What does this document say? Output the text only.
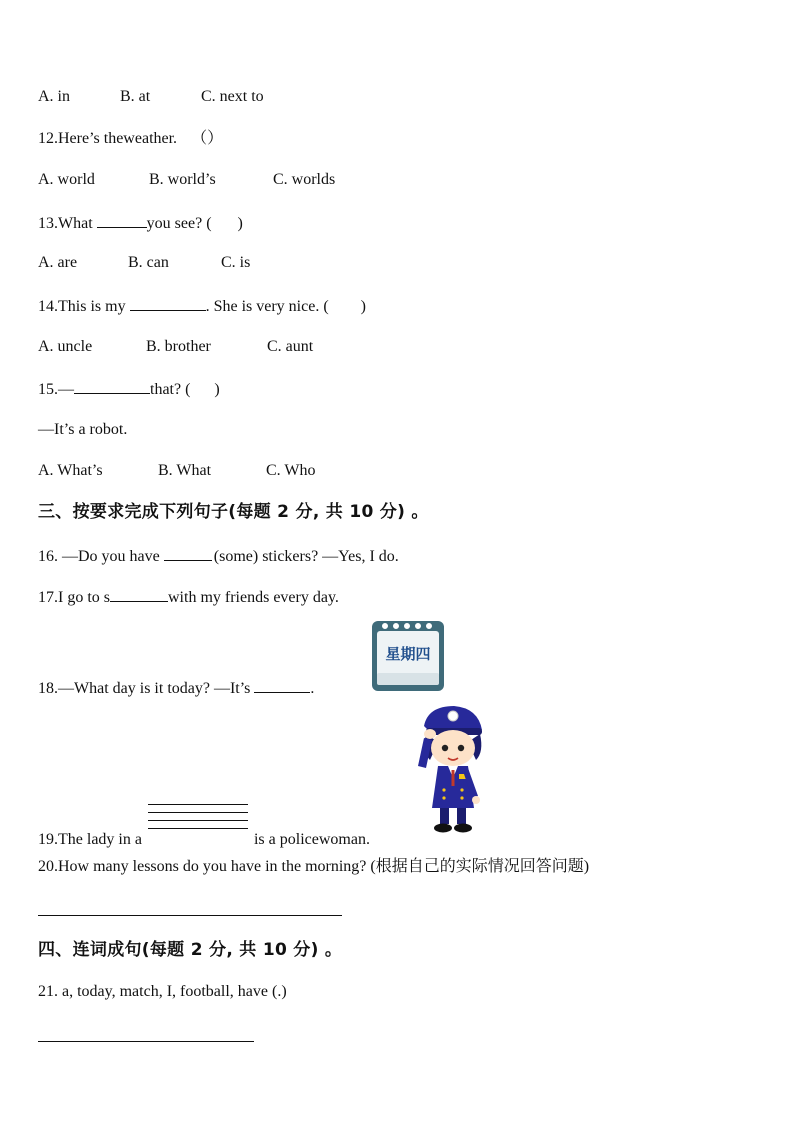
A. in	B. at	C. next to
12.Here’s theweather. （）
A. world	B. world’s	C. worlds
13.What	you see? ( )
A. are	B. can	C. is
14.This is my	. She is very nice. ( )
A. uncle	B. brother	C. aunt
15.—	that? ( )
—It’s a robot.
A. What’s	B. What	C. Who
三、按要求完成下列句子(每题 2 分, 共 10 分) 。
16. —Do you have	(some) stickers? —Yes, I do.
17.I go to s	with my friends every day.
星期四
18.—What day is it today? —It’s	.
19.The lady in a	is a policewoman.
20.How many lessons do you have in the morning? (根据自己的实际情况回答问题)
四、连词成句(每题 2 分, 共 10 分) 。
21. a, today, match, I, football, have (.)
